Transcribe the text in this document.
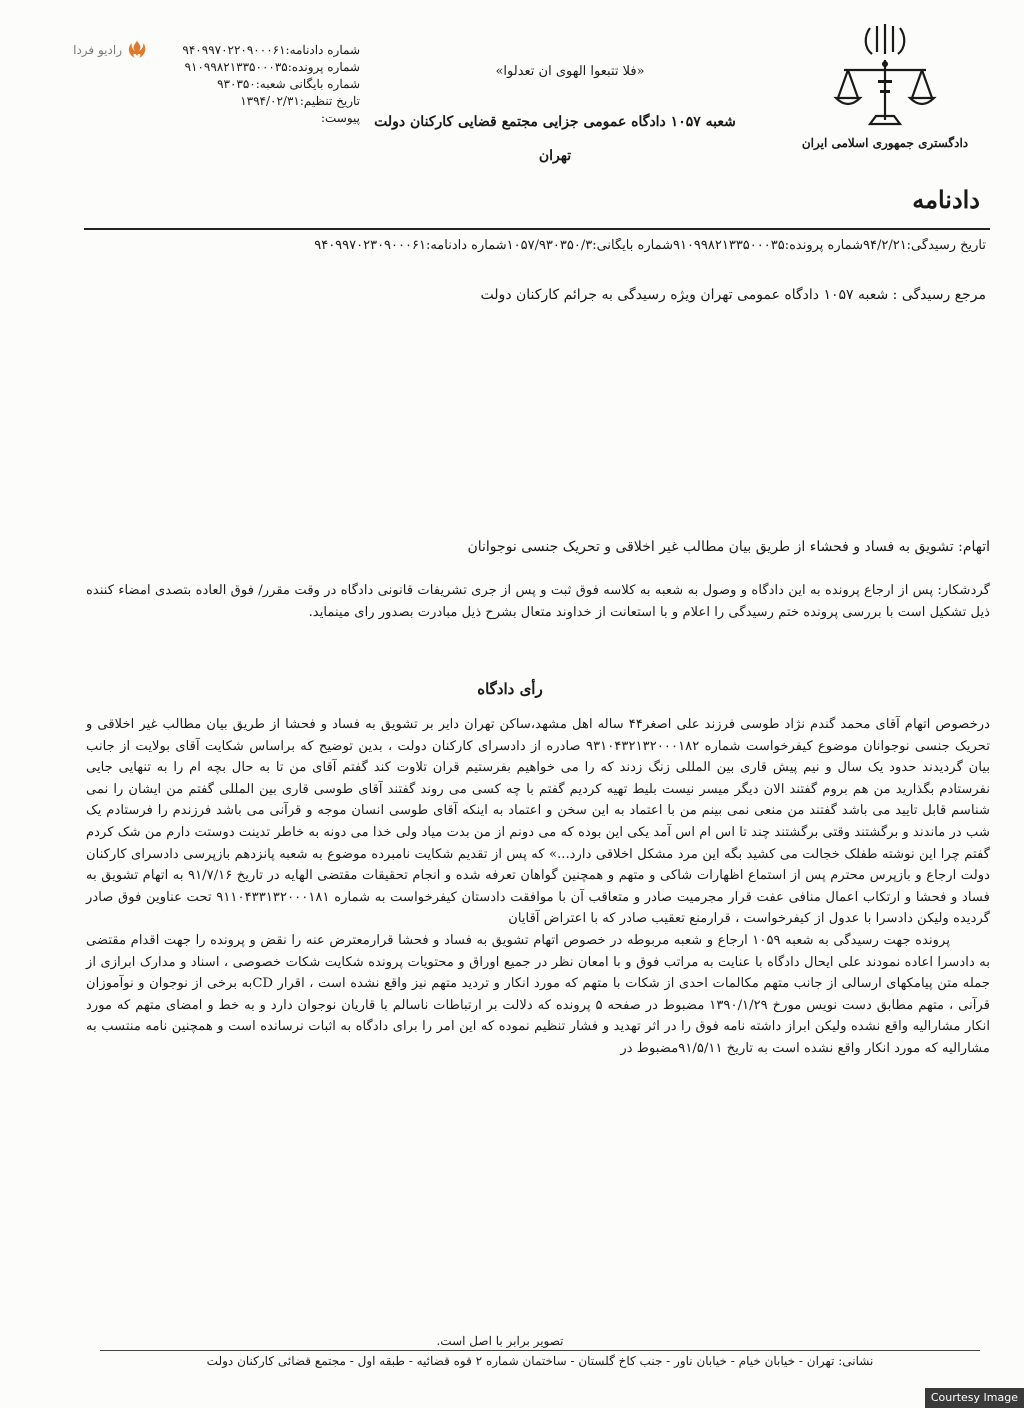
رادیو فردا	شماره دادنامه:۹۴۰۹۹۷۰۲۲۰۹۰۰۰۶۱
شماره پرونده:۹۱۰۹۹۸۲۱۳۳۵۰۰۰۳۵
شماره بایگانی شعبه:۹۳۰۳۵۰
تاریخ تنظیم:۱۳۹۴/۰۲/۳۱
پیوست:
«فلا تتبعوا الهوی ان تعدلوا»
شعبه ۱۰۵۷ دادگاه عمومی جزایی مجتمع قضایی کارکنان دولت
تهران
دادگستری جمهوری اسلامی ایران
دادنامه
تاریخ رسیدگی:۹۴/۲/۲۱شماره پرونده:۹۱۰۹۹۸۲۱۳۳۵۰۰۰۳۵شماره بایگانی:۱۰۵۷/۹۳۰۳۵۰/۳شماره دادنامه:۹۴۰۹۹۷۰۲۳۰۹۰۰۰۶۱
مرجع رسیدگی : شعبه ۱۰۵۷ دادگاه عمومی تهران ویژه رسیدگی به جرائم کارکنان دولت

اتهام: تشویق به فساد و فحشاء از طریق بیان مطالب غیر اخلاقی و تحریک جنسی نوجوانان

گردشکار: پس از ارجاع پرونده به این دادگاه و وصول به شعبه به کلاسه فوق ثبت و پس از جری تشریفات قانونی دادگاه در وقت مقرر/ فوق العاده بتصدی امضاء کننده ذیل تشکیل است با بررسی پرونده ختم رسیدگی را اعلام و با استعانت از خداوند متعال بشرح ذیل مبادرت بصدور رای مینماید.

رأی دادگاه

درخصوص اتهام آقای محمد گندم نژاد طوسی فرزند علی اصغر۴۴ ساله اهل مشهد،ساکن تهران دایر بر تشویق به فساد و فحشا از طریق بیان مطالب غیر اخلاقی و تحریک جنسی نوجوانان موضوع کیفرخواست شماره ۹۳۱۰۴۳۲۱۳۲۰۰۰۱۸۲ صادره از دادسرای کارکنان دولت ، بدین توضیح که براساس شکایت آقای بولایت از جانب بیان گردیدند حدود یک سال و نیم پیش قاری بین المللی زنگ زدند که را می خواهیم بفرستیم قران تلاوت کند گفتم آقای من تا به حال بچه ام را به تنهایی جایی نفرستادم بگذارید من هم بروم گفتند الان دیگر میسر نیست بلیط تهیه کردیم گفتم با چه کسی می روند گفتند آقای طوسی قاری بین المللی گفتم من ایشان را نمی شناسم قابل تایید می باشد گفتند من منعی نمی بینم من با اعتماد به این سخن و اعتماد به اینکه آقای طوسی انسان موجه و قرآنی می باشد فرزندم را فرستادم یک شب در ماندند و برگشتند وقتی برگشتند چند تا اس ام اس آمد یکی این بوده که می دونم از من بدت میاد ولی خدا می دونه به خاطر تدینت دوستت دارم من شک کردم گفتم چرا این نوشته طفلک خجالت می کشید بگه این مرد مشکل اخلاقی دارد...» که پس از تقدیم شکایت نامبرده موضوع به شعبه پانزدهم بازپرسی دادسرای کارکنان دولت ارجاع و بازپرس محترم پس از استماع اظهارات شاکی و متهم و همچنین گواهان تعرفه شده و انجام تحقیقات مقتضی الهایه در تاریخ ۹۱/۷/۱۶ به اتهام تشویق به فساد و فحشا و ارتکاب اعمال منافی عفت قرار مجرمیت صادر و متعاقب آن با موافقت دادستان کیفرخواست به شماره ۹۱۱۰۴۳۳۱۳۲۰۰۰۱۸۱ تحت عناوین فوق صادر گردیده ولیکن دادسرا با عدول از کیفرخواست ، قرارمنع تعقیب صادر که با اعتراض آقایان

پرونده جهت رسیدگی به شعبه ۱۰۵۹ ارجاع و شعبه مربوطه در خصوص اتهام تشویق به فساد و فحشا قرارمعترض عنه را نقض و پرونده را جهت اقدام مقتضی به دادسرا اعاده نمودند علی ایحال دادگاه با عنایت به مراتب فوق و با امعان نظر در جمیع اوراق و محتویات پرونده شکایت شکات خصوصی ، اسناد و مدارک ابرازی از جمله متن پیامکهای ارسالی از جانب متهم مکالمات احدی از شکات با متهم که مورد انکار و تردید متهم نیز واقع نشده است ، اقرار CDبه برخی از نوجوان و نوآموزان قرآنی ، متهم مطابق دست نویس مورخ ۱۳۹۰/۱/۲۹ مضبوط در صفحه ۵ پرونده که دلالت بر ارتباطات ناسالم با قاریان نوجوان دارد و به خط و امضای متهم که مورد انکار مشارالیه واقع نشده ولیکن ابراز داشته نامه فوق را در اثر تهدید و فشار تنظیم نموده که این امر را برای دادگاه به اثبات نرسانده است و همچنین نامه منتسب به مشارالیه که مورد انکار واقع نشده است به تاریخ ۹۱/۵/۱۱مضبوط در

تصویر برابر با اصل است.
نشانی: تهران - خیابان خیام - خیابان ناور - جنب کاخ گلستان - ساختمان شماره ۲ قوه قضائیه - طبقه اول - مجتمع قضائی کارکنان دولت
Courtesy Image
